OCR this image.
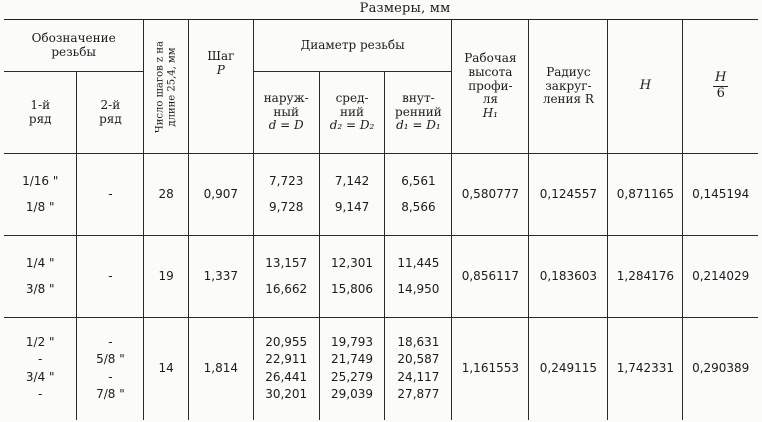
Размеры, мм
Обозначение
резьбы		Число шагов z на длине 25,4, мм	Шаг
P	Диаметр резьбы			Рабочая
высота
профи-
ля
H₁	Радиус
закруг-
ления R	H	$\frac{H}{6}$

1-й
ряд	2-й
ряд			наруж-
ный
d = D	сред-
ний
d₂ = D₂	внут-
ренний
d₁ = D₁				

1/16 "
1/8 "	-	28	0,907	7,723
9,728	7,142
9,147	6,561
8,566	0,580777	0,124557	0,871165	0,145194

1/4 "
3/8 "	-	19	1,337	13,157
16,662	12,301
15,806	11,445
14,950	0,856117	0,183603	1,284176	0,214029

1/2 "
-
3/4 "
-	-
5/8 "
-
7/8 "	14	1,814	20,955
22,911
26,441
30,201	19,793
21,749
25,279
29,039	18,631
20,587
24,117
27,877	1,161553	0,249115	1,742331	0,290389
